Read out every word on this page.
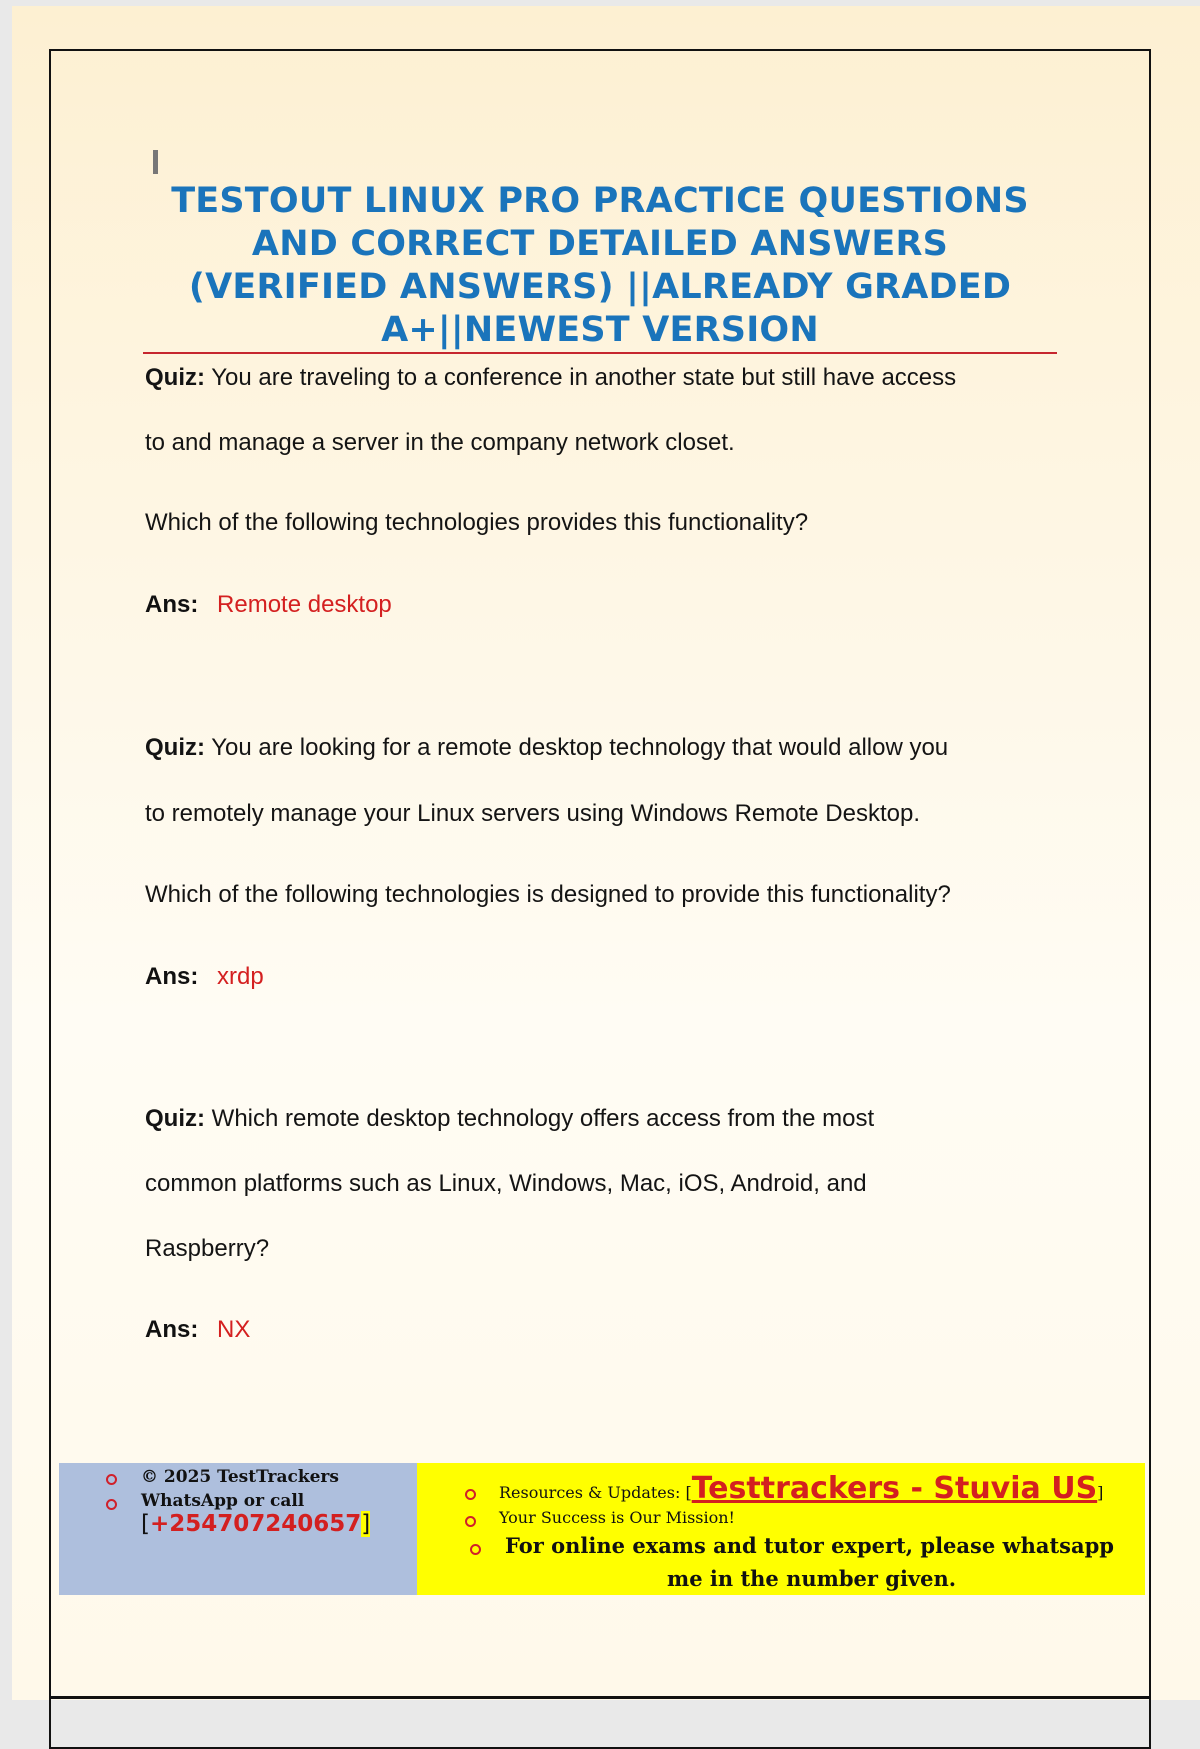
TESTOUT LINUX PRO PRACTICE QUESTIONS AND CORRECT DETAILED ANSWERS (VERIFIED ANSWERS) ||ALREADY GRADED A+||NEWEST VERSION
Quiz: You are traveling to a conference in another state but still have access
to and manage a server in the company network closet.
Which of the following technologies provides this functionality?
Ans: Remote desktop
Quiz: You are looking for a remote desktop technology that would allow you
to remotely manage your Linux servers using Windows Remote Desktop.
Which of the following technologies is designed to provide this functionality?
Ans: xrdp
Quiz: Which remote desktop technology offers access from the most
common platforms such as Linux, Windows, Mac, iOS, Android, and
Raspberry?
Ans: NX
© 2025 TestTrackers
WhatsApp or call
[+254707240657]
Resources & Updates: [Testtrackers - Stuvia US]
Your Success is Our Mission!
For online exams and tutor expert, please whatsapp
me in the number given.
